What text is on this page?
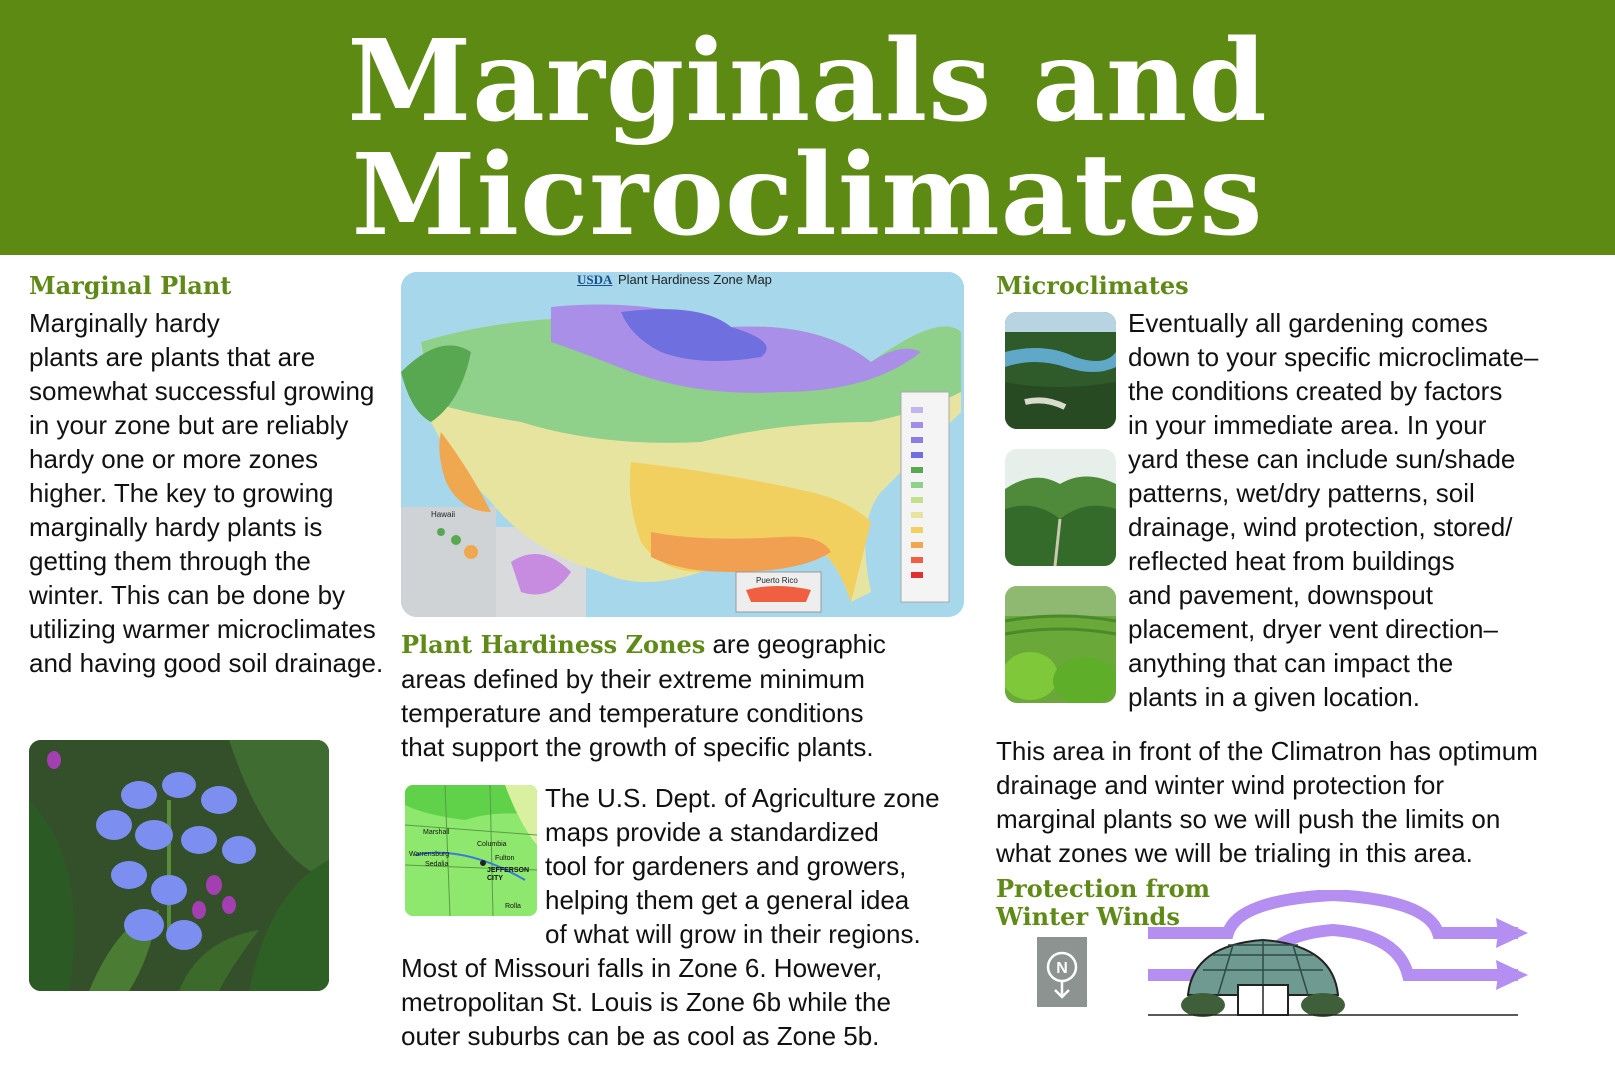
Marginals and
Microclimates
Marginal Plant
Marginally hardy
plants are plants that are
somewhat successful growing
in your zone but are reliably
hardy one or more zones
higher. The key to growing
marginally hardy plants is
getting them through the
winter. This can be done by
utilizing warmer microclimates
and having good soil drainage.
USDA Plant Hardiness Zone Map
Hawaii
Puerto Rico
Plant Hardiness Zones are geographic
areas defined by their extreme minimum
temperature and temperature conditions
that support the growth of specific plants.
Marshall
Columbia
Fulton
Warrensburg
Sedalia
JEFFERSON
CITY
Rolla
The U.S. Dept. of Agriculture zone
maps provide a standardized
tool for gardeners and growers,
helping them get a general idea
of what will grow in their regions.
Most of Missouri falls in Zone 6. However,
metropolitan St. Louis is Zone 6b while the
outer suburbs can be as cool as Zone 5b.
Microclimates
Eventually all gardening comes
down to your specific microclimate–
the conditions created by factors
in your immediate area. In your
yard these can include sun/shade
patterns, wet/dry patterns, soil
drainage, wind protection, stored/
reflected heat from buildings
and pavement, downspout
placement, dryer vent direction–
anything that can impact the
plants in a given location.
This area in front of the Climatron has optimum
drainage and winter wind protection for
marginal plants so we will push the limits on
what zones we will be trialing in this area.
Protection from
Winter Winds
N
